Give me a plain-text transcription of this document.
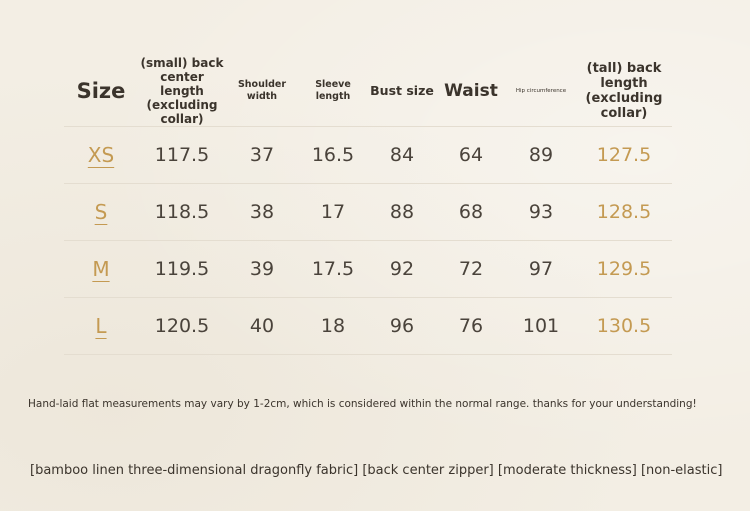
Size	(small) back center length (excluding collar)	Shoulder width	Sleeve length	Bust size	Waist	Hip circumference	(tall) back length (excluding collar)
XS	117.5	37	16.5	84	64	89	127.5
S	118.5	38	17	88	68	93	128.5
M	119.5	39	17.5	92	72	97	129.5
L	120.5	40	18	96	76	101	130.5
Hand-laid flat measurements may vary by 1-2cm, which is considered within the normal range. thanks for your understanding!
[bamboo linen three-dimensional dragonfly fabric] [back center zipper] [moderate thickness] [non-elastic]
